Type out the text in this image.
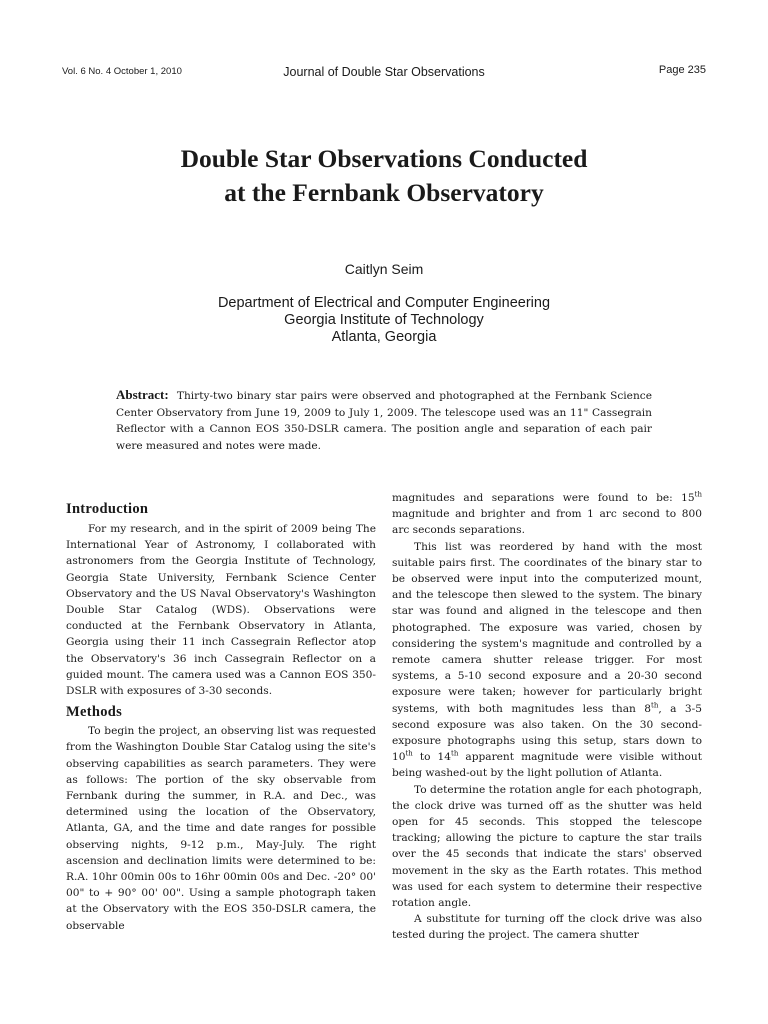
Vol. 6 No. 4 October 1, 2010	Journal of Double Star Observations	Page 235
Double Star Observations Conducted
at the Fernbank Observatory
Caitlyn Seim
Department of Electrical and Computer Engineering
Georgia Institute of Technology
Atlanta, Georgia
Abstract: Thirty-two binary star pairs were observed and photographed at the Fernbank Science Center Observatory from June 19, 2009 to July 1, 2009. The telescope used was an 11" Cassegrain Reflector with a Cannon EOS 350-DSLR camera. The position angle and separation of each pair were measured and notes were made.
Introduction

For my research, and in the spirit of 2009 being The International Year of Astronomy, I collaborated with astronomers from the Georgia Institute of Technology, Georgia State University, Fernbank Science Center Observatory and the US Naval Observatory's Washington Double Star Catalog (WDS). Observations were conducted at the Fernbank Observatory in Atlanta, Georgia using their 11 inch Cassegrain Reflector atop the Observatory's 36 inch Cassegrain Reflector on a guided mount. The camera used was a Cannon EOS 350-DSLR with exposures of 3-30 seconds.

Methods

To begin the project, an observing list was requested from the Washington Double Star Catalog using the site's observing capabilities as search parameters. They were as follows: The portion of the sky observable from Fernbank during the summer, in R.A. and Dec., was determined using the location of the Observatory, Atlanta, GA, and the time and date ranges for possible observing nights, 9-12 p.m., May-July. The right ascension and declination limits were determined to be: R.A. 10hr 00min 00s to 16hr 00min 00s and Dec. -20° 00' 00" to + 90° 00' 00". Using a sample photograph taken at the Observatory with the EOS 350-DSLR camera, the observable

magnitudes and separations were found to be: 15th magnitude and brighter and from 1 arc second to 800 arc seconds separations.

This list was reordered by hand with the most suitable pairs first. The coordinates of the binary star to be observed were input into the computerized mount, and the telescope then slewed to the system. The binary star was found and aligned in the telescope and then photographed. The exposure was varied, chosen by considering the system's magnitude and controlled by a remote camera shutter release trigger. For most systems, a 5-10 second exposure and a 20-30 second exposure were taken; however for particularly bright systems, with both magnitudes less than 8th, a 3-5 second exposure was also taken. On the 30 second-exposure photographs using this setup, stars down to 10th to 14th apparent magnitude were visible without being washed-out by the light pollution of Atlanta.

To determine the rotation angle for each photograph, the clock drive was turned off as the shutter was held open for 45 seconds. This stopped the telescope tracking; allowing the picture to capture the star trails over the 45 seconds that indicate the stars' observed movement in the sky as the Earth rotates. This method was used for each system to determine their respective rotation angle.

A substitute for turning off the clock drive was also tested during the project. The camera shutter
